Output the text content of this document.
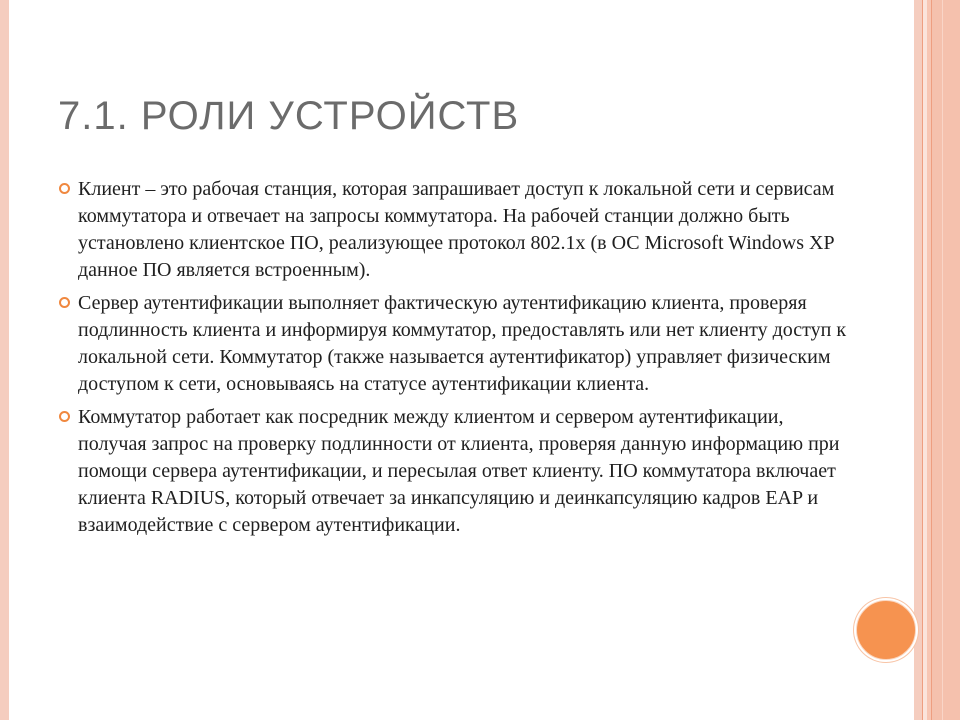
7.1. РОЛИ УСТРОЙСТВ
Клиент – это рабочая станция, которая запрашивает доступ к локальной сети и сервисам коммутатора и отвечает на запросы коммутатора. На рабочей станции должно быть установлено клиентское ПО, реализующее протокол 802.1x (в ОС Microsoft Windows XP данное ПО является встроенным).
Сервер аутентификации выполняет фактическую аутентификацию клиента, проверяя подлинность клиента и информируя коммутатор, предоставлять или нет клиенту доступ к локальной сети. Коммутатор (также называется аутентификатор) управляет физическим доступом к сети, основываясь на статусе аутентификации клиента.
Коммутатор работает как посредник между клиентом и сервером аутентификации, получая запрос на проверку подлинности от клиента, проверяя данную информацию при помощи сервера аутентификации, и пересылая ответ клиенту. ПО коммутатора включает клиента RADIUS, который отвечает за инкапсуляцию и деинкапсуляцию кадров EAP и взаимодействие с сервером аутентификации.
